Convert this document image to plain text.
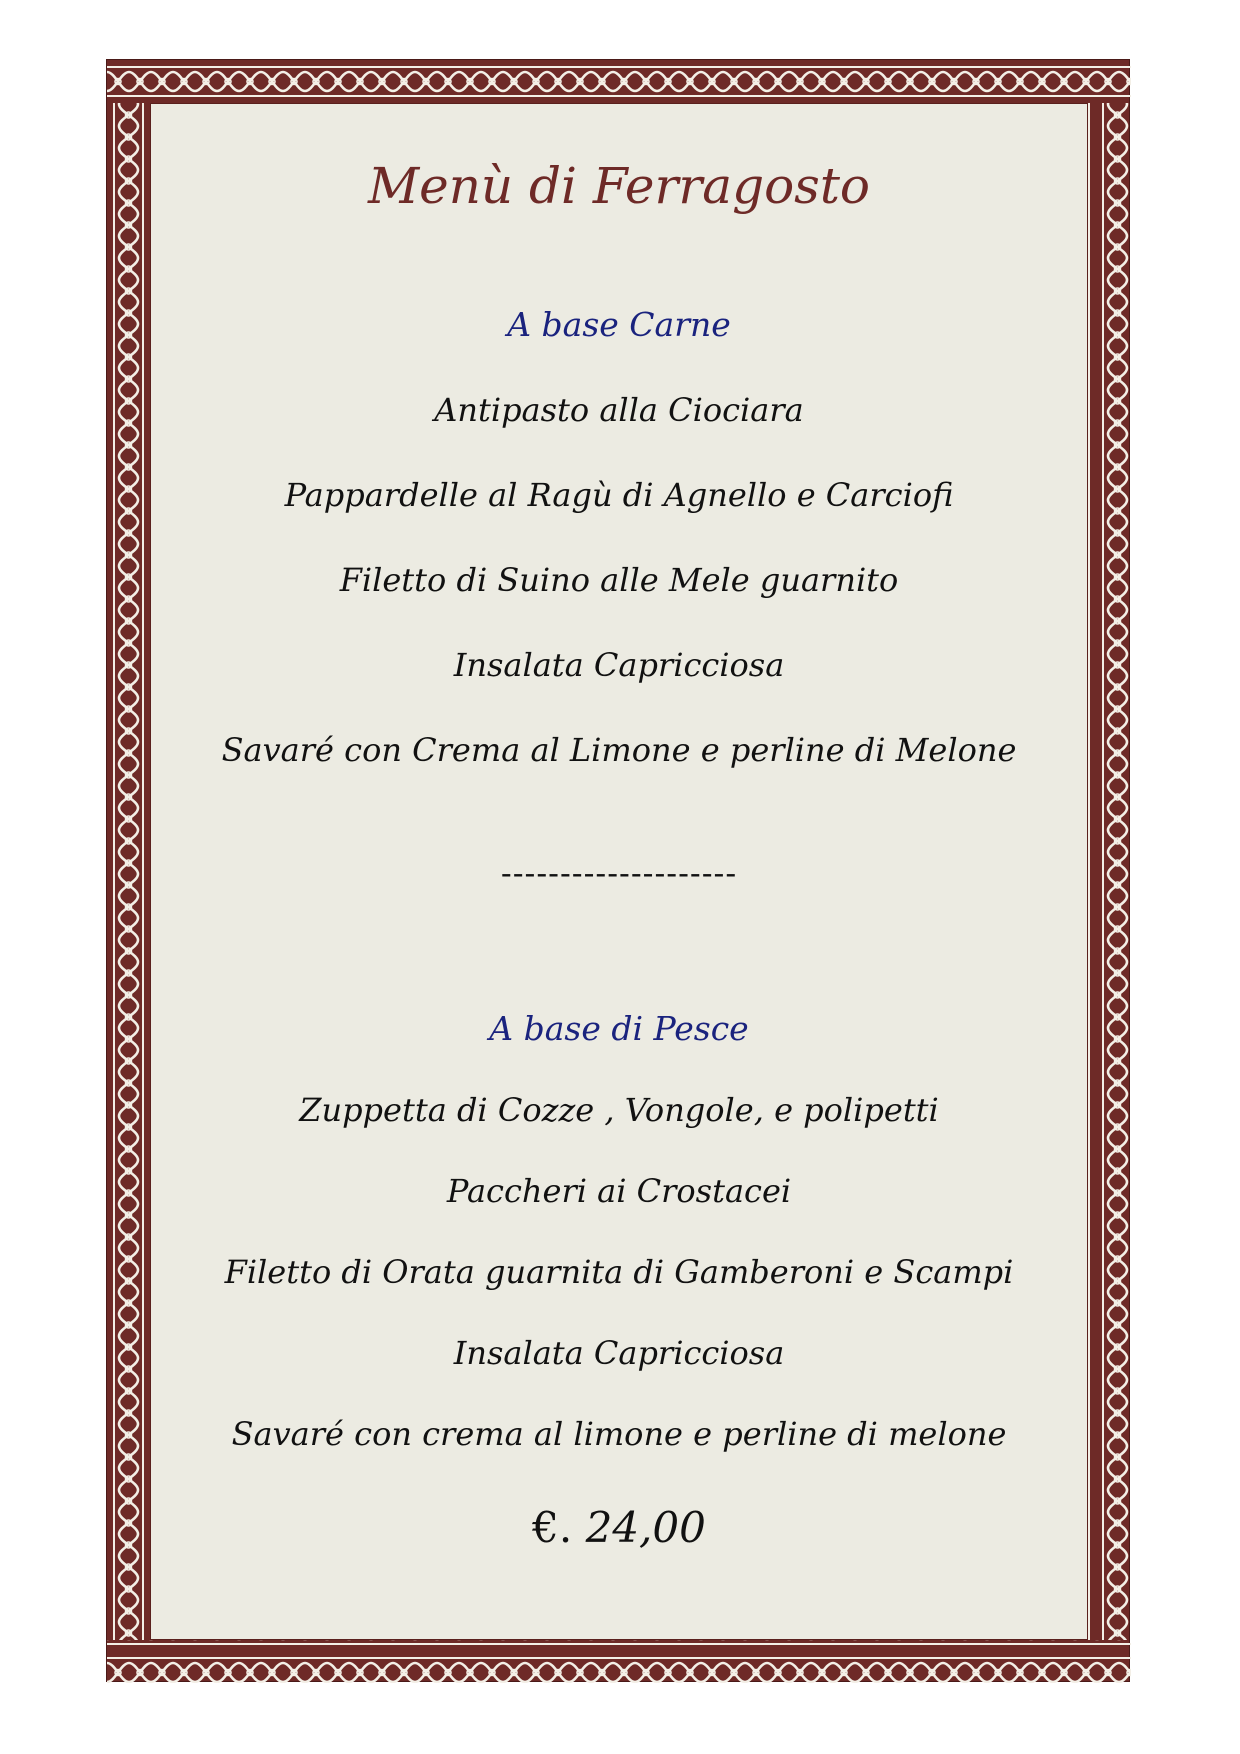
Menù di Ferragosto
A base Carne
Antipasto alla Ciociara
Pappardelle al Ragù di Agnello e Carciofi
Filetto di Suino alle Mele guarnito
Insalata Capricciosa
Savaré con Crema al Limone e perline di Melone
--------------------
A base di Pesce
Zuppetta di Cozze , Vongole, e polipetti
Paccheri ai Crostacei
Filetto di Orata guarnita di Gamberoni e Scampi
Insalata Capricciosa
Savaré con crema al limone e perline di melone
€. 24,00
